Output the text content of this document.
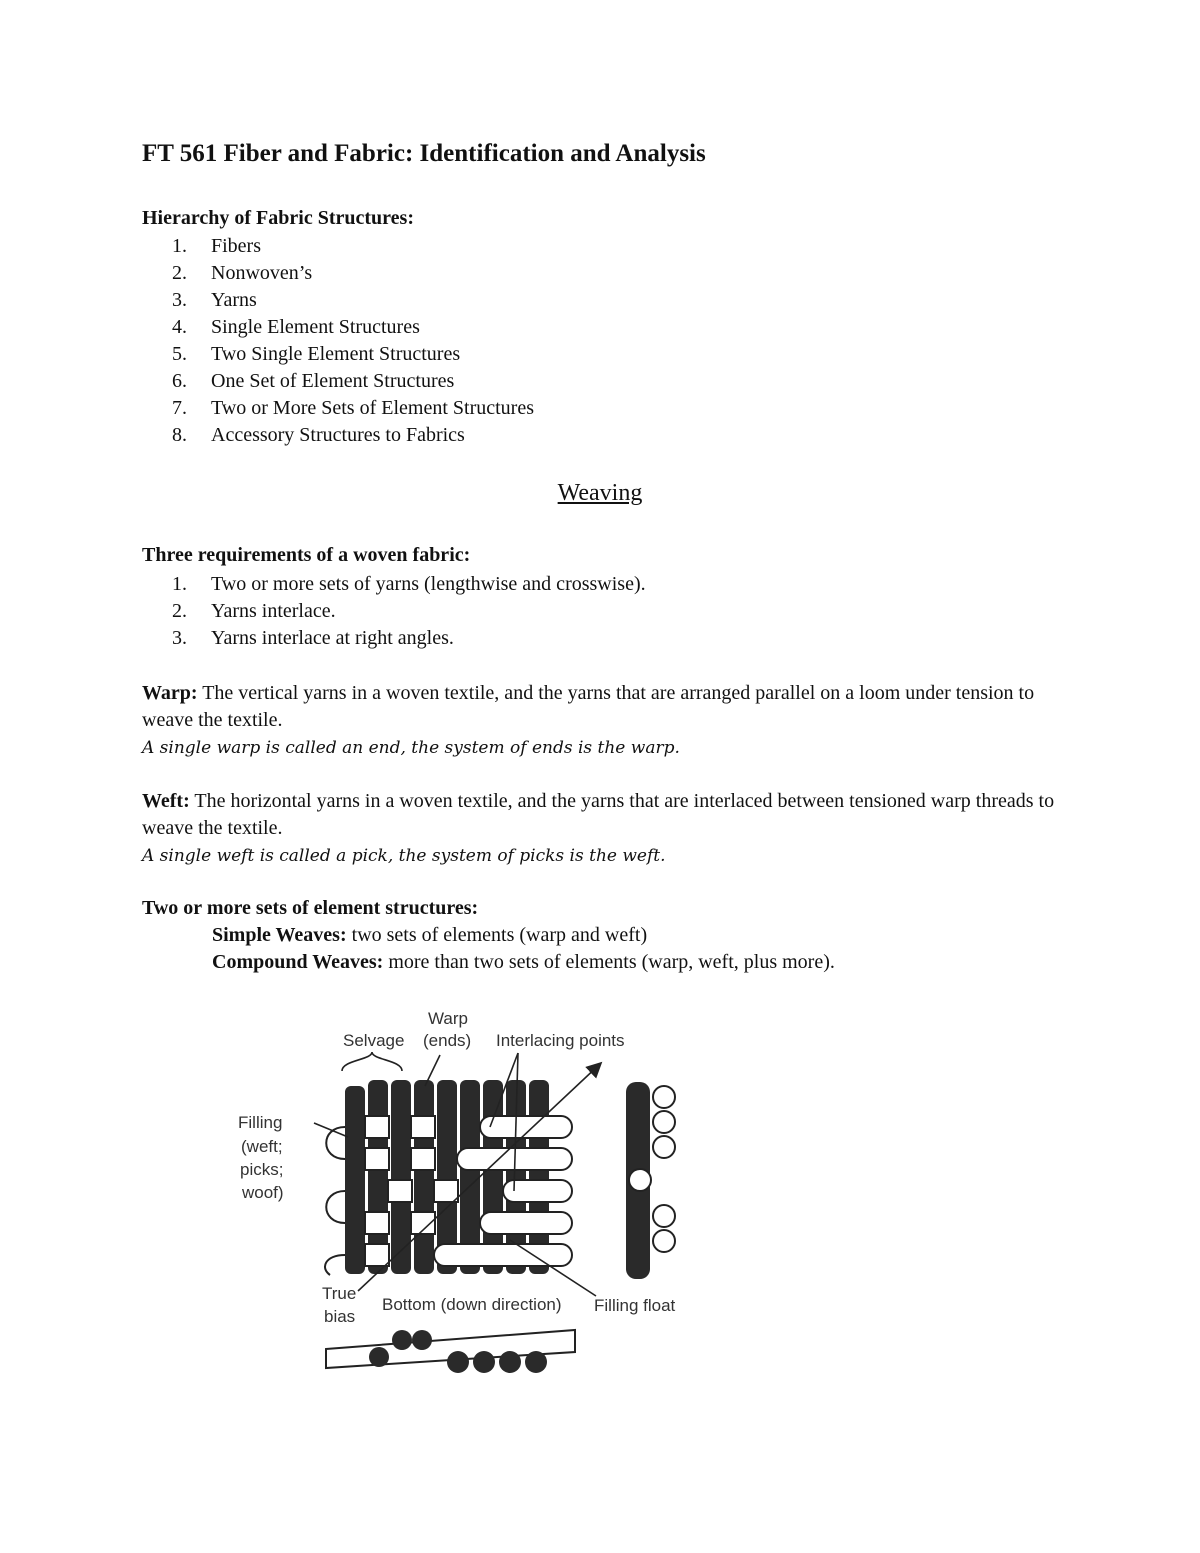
FT 561 Fiber and Fabric: Identification and Analysis
Hierarchy of Fabric Structures:
1. Fibers
2. Nonwoven’s
3. Yarns
4. Single Element Structures
5. Two Single Element Structures
6. One Set of Element Structures
7. Two or More Sets of Element Structures
8. Accessory Structures to Fabrics
Weaving
Three requirements of a woven fabric:
1. Two or more sets of yarns (lengthwise and crosswise).
2. Yarns interlace.
3. Yarns interlace at right angles.
Warp: The vertical yarns in a woven textile, and the yarns that are arranged parallel on a loom under tension to weave the textile.
A single warp is called an end, the system of ends is the warp.
Weft: The horizontal yarns in a woven textile, and the yarns that are interlaced between tensioned warp threads to weave the textile.
A single weft is called a pick, the system of picks is the weft.
Two or more sets of element structures:
Simple Weaves: two sets of elements (warp and weft)
Compound Weaves: more than two sets of elements (warp, weft, plus more).
Warp
(ends)
Selvage	Interlacing points
Filling
(weft;
picks;
woof)
True
bias
Bottom (down direction) Filling float
